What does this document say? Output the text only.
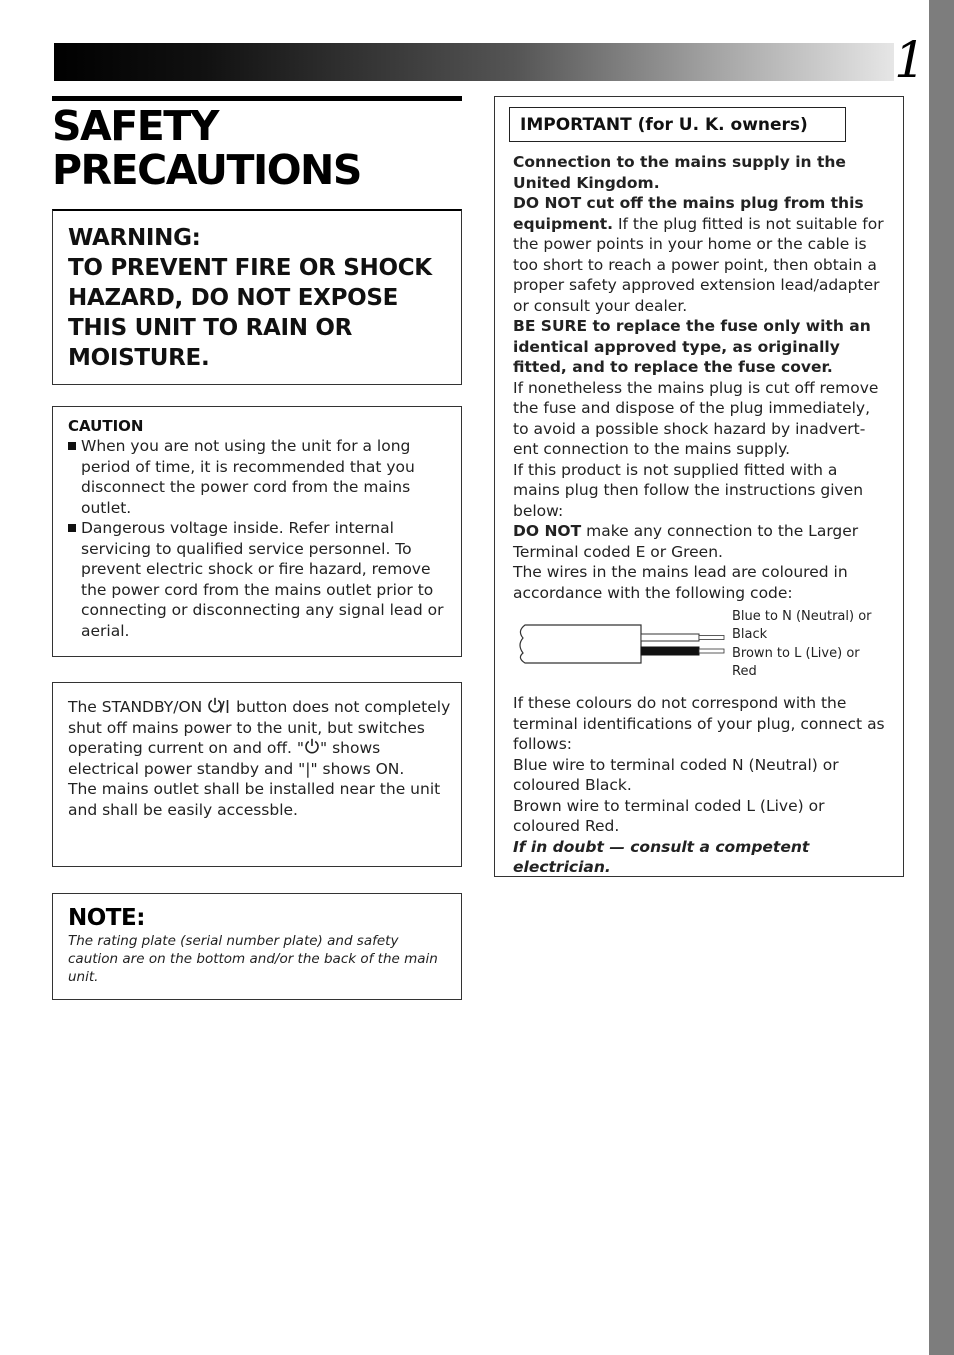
1
SAFETY
PRECAUTIONS
WARNING:
TO PREVENT FIRE OR SHOCK
HAZARD, DO NOT EXPOSE
THIS UNIT TO RAIN OR
MOISTURE.
CAUTION
When you are not using the unit for a long period of time, it is recommended that you disconnect the power cord from the mains outlet.
Dangerous voltage inside. Refer internal servicing to qualified service personnel. To prevent electric shock or fire hazard, remove the power cord from the mains outlet prior to connecting or disconnecting any signal lead or aerial.
The STANDBY/ON button does not completely shut off mains power to the unit, but switches operating current on and off. " " shows electrical power standby and "|" shows ON.
The mains outlet shall be installed near the unit and shall be easily accessble.
NOTE:
The rating plate (serial number plate) and safety caution are on the bottom and/or the back of the main unit.
IMPORTANT (for U. K. owners)
Connection to the mains supply in the United Kingdom.
DO NOT cut off the mains plug from this equipment. If the plug fitted is not suitable for the power points in your home or the cable is too short to reach a power point, then obtain a proper safety approved extension lead/adapter or consult your dealer.
BE SURE to replace the fuse only with an identical approved type, as originally fitted, and to replace the fuse cover.
If nonetheless the mains plug is cut off remove the fuse and dispose of the plug immediately, to avoid a possible shock hazard by inadvert-ent connection to the mains supply.
If this product is not supplied fitted with a mains plug then follow the instructions given below:
DO NOT make any connection to the Larger Terminal coded E or Green.
The wires in the mains lead are coloured in accordance with the following code:
Blue to N (Neutral) or Black
Brown to L (Live) or Red
If these colours do not correspond with the terminal identifications of your plug, connect as follows:
Blue wire to terminal coded N (Neutral) or coloured Black.
Brown wire to terminal coded L (Live) or coloured Red.
If in doubt — consult a competent electrician.
